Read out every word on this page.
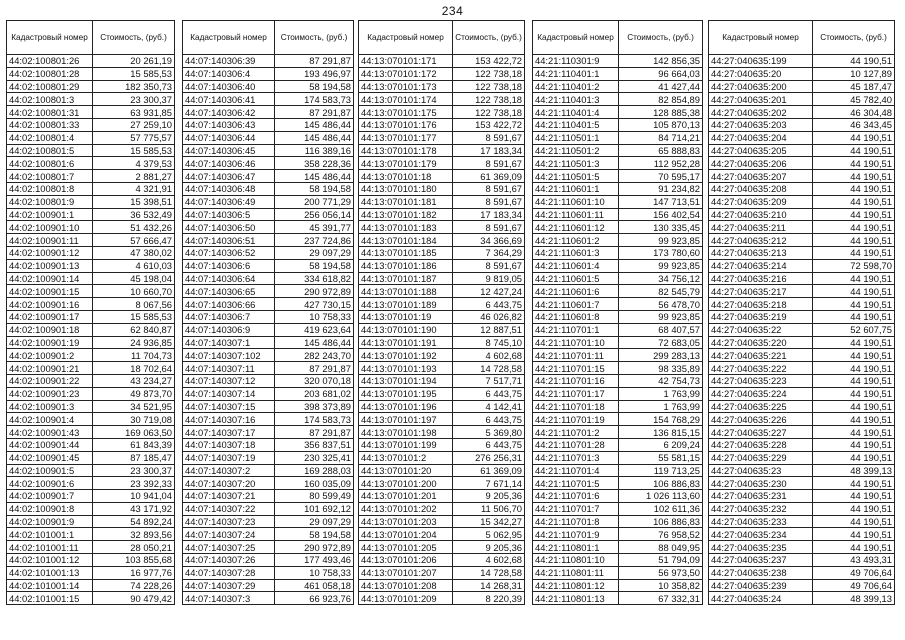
234
Кадастровый номер	Стоимость, (руб.)
44:02:100801:26	20 261,19
44:02:100801:28	15 585,53
44:02:100801:29	182 350,73
44:02:100801:3	23 300,37
44:02:100801:31	63 931,85
44:02:100801:33	27 259,10
44:02:100801:4	57 775,57
44:02:100801:5	15 585,53
44:02:100801:6	4 379,53
44:02:100801:7	2 881,27
44:02:100801:8	4 321,91
44:02:100801:9	15 398,51
44:02:100901:1	36 532,49
44:02:100901:10	51 432,26
44:02:100901:11	57 666,47
44:02:100901:12	47 380,02
44:02:100901:13	4 610,03
44:02:100901:14	45 198,04
44:02:100901:15	10 660,70
44:02:100901:16	8 067,56
44:02:100901:17	15 585,53
44:02:100901:18	62 840,87
44:02:100901:19	24 936,85
44:02:100901:2	11 704,73
44:02:100901:21	18 702,64
44:02:100901:22	43 234,27
44:02:100901:23	49 873,70
44:02:100901:3	34 521,95
44:02:100901:4	30 719,08
44:02:100901:43	169 063,50
44:02:100901:44	61 843,39
44:02:100901:45	87 185,47
44:02:100901:5	23 300,37
44:02:100901:6	23 392,33
44:02:100901:7	10 941,04
44:02:100901:8	43 171,92
44:02:100901:9	54 892,24
44:02:101001:1	32 893,56
44:02:101001:11	28 050,21
44:02:101001:12	103 855,68
44:02:101001:13	16 977,76
44:02:101001:14	74 228,26
44:02:101001:15	90 479,42
Кадастровый номер	Стоимость, (руб.)
44:07:140306:39	87 291,87
44:07:140306:4	193 496,97
44:07:140306:40	58 194,58
44:07:140306:41	174 583,73
44:07:140306:42	87 291,87
44:07:140306:43	145 486,44
44:07:140306:44	145 486,44
44:07:140306:45	116 389,16
44:07:140306:46	358 228,36
44:07:140306:47	145 486,44
44:07:140306:48	58 194,58
44:07:140306:49	200 771,29
44:07:140306:5	256 056,14
44:07:140306:50	45 391,77
44:07:140306:51	237 724,86
44:07:140306:52	29 097,29
44:07:140306:6	58 194,58
44:07:140306:64	334 618,82
44:07:140306:65	290 972,89
44:07:140306:66	427 730,15
44:07:140306:7	10 758,33
44:07:140306:9	419 623,64
44:07:140307:1	145 486,44
44:07:140307:102	282 243,70
44:07:140307:11	87 291,87
44:07:140307:12	320 070,18
44:07:140307:14	203 681,02
44:07:140307:15	398 373,89
44:07:140307:16	174 583,73
44:07:140307:17	87 291,87
44:07:140307:18	356 837,51
44:07:140307:19	230 325,41
44:07:140307:2	169 288,03
44:07:140307:20	160 035,09
44:07:140307:21	80 599,49
44:07:140307:22	101 692,12
44:07:140307:23	29 097,29
44:07:140307:24	58 194,58
44:07:140307:25	290 972,89
44:07:140307:26	177 493,46
44:07:140307:28	10 758,33
44:07:140307:29	461 058,18
44:07:140307:3	66 923,76
Кадастровый номер	Стоимость, (руб.)
44:13:070101:171	153 422,72
44:13:070101:172	122 738,18
44:13:070101:173	122 738,18
44:13:070101:174	122 738,18
44:13:070101:175	122 738,18
44:13:070101:176	153 422,72
44:13:070101:177	8 591,67
44:13:070101:178	17 183,34
44:13:070101:179	8 591,67
44:13:070101:18	61 369,09
44:13:070101:180	8 591,67
44:13:070101:181	8 591,67
44:13:070101:182	17 183,34
44:13:070101:183	8 591,67
44:13:070101:184	34 366,69
44:13:070101:185	7 364,29
44:13:070101:186	8 591,67
44:13:070101:187	9 819,05
44:13:070101:188	12 427,24
44:13:070101:189	6 443,75
44:13:070101:19	46 026,82
44:13:070101:190	12 887,51
44:13:070101:191	8 745,10
44:13:070101:192	4 602,68
44:13:070101:193	14 728,58
44:13:070101:194	7 517,71
44:13:070101:195	6 443,75
44:13:070101:196	4 142,41
44:13:070101:197	6 443,75
44:13:070101:198	5 369,80
44:13:070101:199	6 443,75
44:13:070101:2	276 256,31
44:13:070101:20	61 369,09
44:13:070101:200	7 671,14
44:13:070101:201	9 205,36
44:13:070101:202	11 506,70
44:13:070101:203	15 342,27
44:13:070101:204	5 062,95
44:13:070101:205	9 205,36
44:13:070101:206	4 602,68
44:13:070101:207	14 728,58
44:13:070101:208	14 268,31
44:13:070101:209	8 220,39
Кадастровый номер	Стоимость, (руб.)
44:21:110301:9	142 856,35
44:21:110401:1	96 664,03
44:21:110401:2	41 427,44
44:21:110401:3	82 854,89
44:21:110401:4	128 885,38
44:21:110401:5	105 870,13
44:21:110501:1	84 714,21
44:21:110501:2	65 888,83
44:21:110501:3	112 952,28
44:21:110501:5	70 595,17
44:21:110601:1	91 234,82
44:21:110601:10	147 713,51
44:21:110601:11	156 402,54
44:21:110601:12	130 335,45
44:21:110601:2	99 923,85
44:21:110601:3	173 780,60
44:21:110601:4	99 923,85
44:21:110601:5	34 756,12
44:21:110601:6	82 545,79
44:21:110601:7	56 478,70
44:21:110601:8	99 923,85
44:21:110701:1	68 407,57
44:21:110701:10	72 683,05
44:21:110701:11	299 283,13
44:21:110701:15	98 335,89
44:21:110701:16	42 754,73
44:21:110701:17	1 763,99
44:21:110701:18	1 763,99
44:21:110701:19	154 768,29
44:21:110701:2	136 815,15
44:21:110701:28	6 209,24
44:21:110701:3	55 581,15
44:21:110701:4	119 713,25
44:21:110701:5	106 886,83
44:21:110701:6	1 026 113,60
44:21:110701:7	102 611,36
44:21:110701:8	106 886,83
44:21:110701:9	76 958,52
44:21:110801:1	88 049,95
44:21:110801:10	51 794,09
44:21:110801:11	56 973,50
44:21:110801:12	10 358,82
44:21:110801:13	67 332,31
Кадастровый номер	Стоимость, (руб.)
44:27:040635:199	44 190,51
44:27:040635:20	10 127,89
44:27:040635:200	45 187,47
44:27:040635:201	45 782,40
44:27:040635:202	46 304,48
44:27:040635:203	46 343,45
44:27:040635:204	44 190,51
44:27:040635:205	44 190,51
44:27:040635:206	44 190,51
44:27:040635:207	44 190,51
44:27:040635:208	44 190,51
44:27:040635:209	44 190,51
44:27:040635:210	44 190,51
44:27:040635:211	44 190,51
44:27:040635:212	44 190,51
44:27:040635:213	44 190,51
44:27:040635:214	72 598,70
44:27:040635:216	44 190,51
44:27:040635:217	44 190,51
44:27:040635:218	44 190,51
44:27:040635:219	44 190,51
44:27:040635:22	52 607,75
44:27:040635:220	44 190,51
44:27:040635:221	44 190,51
44:27:040635:222	44 190,51
44:27:040635:223	44 190,51
44:27:040635:224	44 190,51
44:27:040635:225	44 190,51
44:27:040635:226	44 190,51
44:27:040635:227	44 190,51
44:27:040635:228	44 190,51
44:27:040635:229	44 190,51
44:27:040635:23	48 399,13
44:27:040635:230	44 190,51
44:27:040635:231	44 190,51
44:27:040635:232	44 190,51
44:27:040635:233	44 190,51
44:27:040635:234	44 190,51
44:27:040635:235	44 190,51
44:27:040635:237	43 493,31
44:27:040635:238	49 706,64
44:27:040635:239	49 706,64
44:27:040635:24	48 399,13
